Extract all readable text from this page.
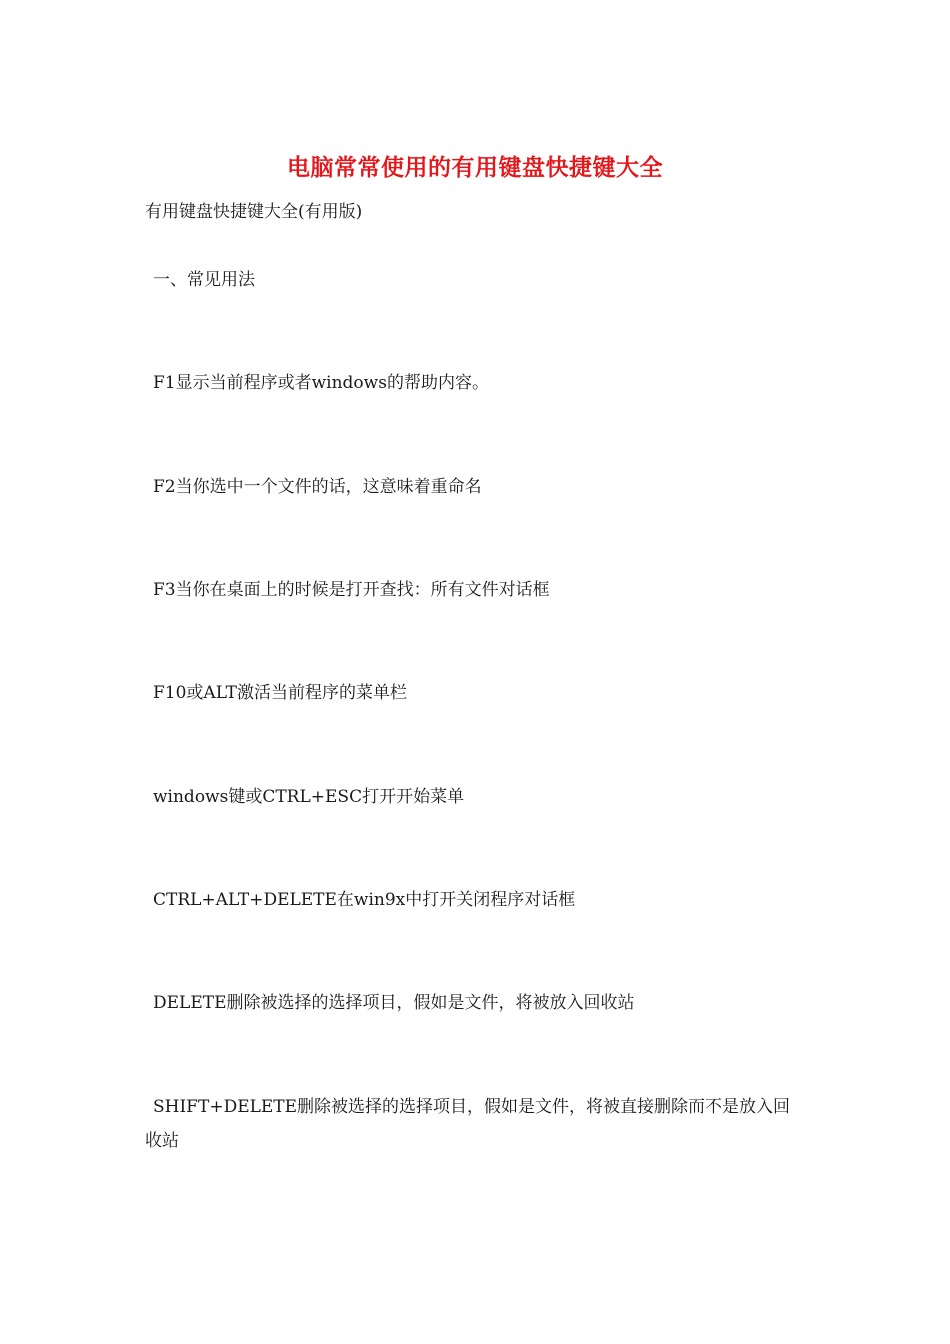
电脑常常使用的有用键盘快捷键大全
有用键盘快捷键大全(有用版)
一、常见用法
F1显示当前程序或者windows的帮助内容。
F2当你选中一个文件的话，这意味着重命名
F3当你在桌面上的时候是打开查找：所有文件对话框
F10或ALT激活当前程序的菜单栏
windows键或CTRL+ESC打开开始菜单
CTRL+ALT+DELETE在win9x中打开关闭程序对话框
DELETE删除被选择的选择项目，假如是文件，将被放入回收站
SHIFT+DELETE删除被选择的选择项目，假如是文件，将被直接删除而不是放入回收站
